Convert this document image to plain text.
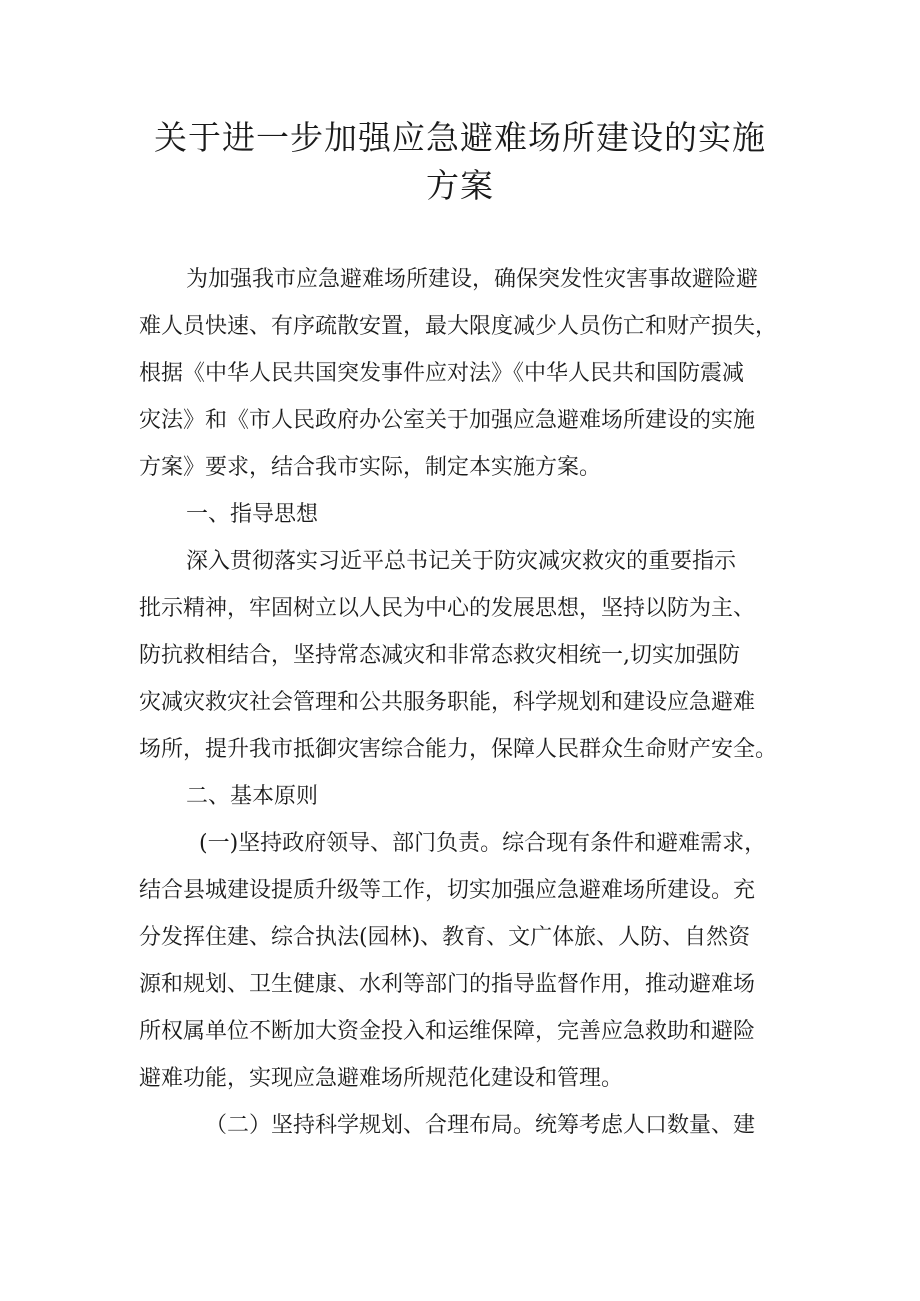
关于进一步加强应急避难场所建设的实施
方案
为加强我市应急避难场所建设，确保突发性灾害事故避险避
难人员快速、有序疏散安置，最大限度减少人员伤亡和财产损失，
根据《中华人民共国突发事件应对法》《中华人民共和国防震减
灾法》和《市人民政府办公室关于加强应急避难场所建设的实施
方案》要求，结合我市实际，制定本实施方案。
一、指导思想
深入贯彻落实习近平总书记关于防灾减灾救灾的重要指示
批示精神，牢固树立以人民为中心的发展思想，坚持以防为主、
防抗救相结合，坚持常态减灾和非常态救灾相统一,切实加强防
灾减灾救灾社会管理和公共服务职能，科学规划和建设应急避难
场所，提升我市抵御灾害综合能力，保障人民群众生命财产安全。
二、基本原则
(一)坚持政府领导、部门负责。综合现有条件和避难需求，
结合县城建设提质升级等工作，切实加强应急避难场所建设。充
分发挥住建、综合执法(园林)、教育、文广体旅、人防、自然资
源和规划、卫生健康、水利等部门的指导监督作用，推动避难场
所权属单位不断加大资金投入和运维保障，完善应急救助和避险
避难功能，实现应急避难场所规范化建设和管理。
（二）坚持科学规划、合理布局。统筹考虑人口数量、建
